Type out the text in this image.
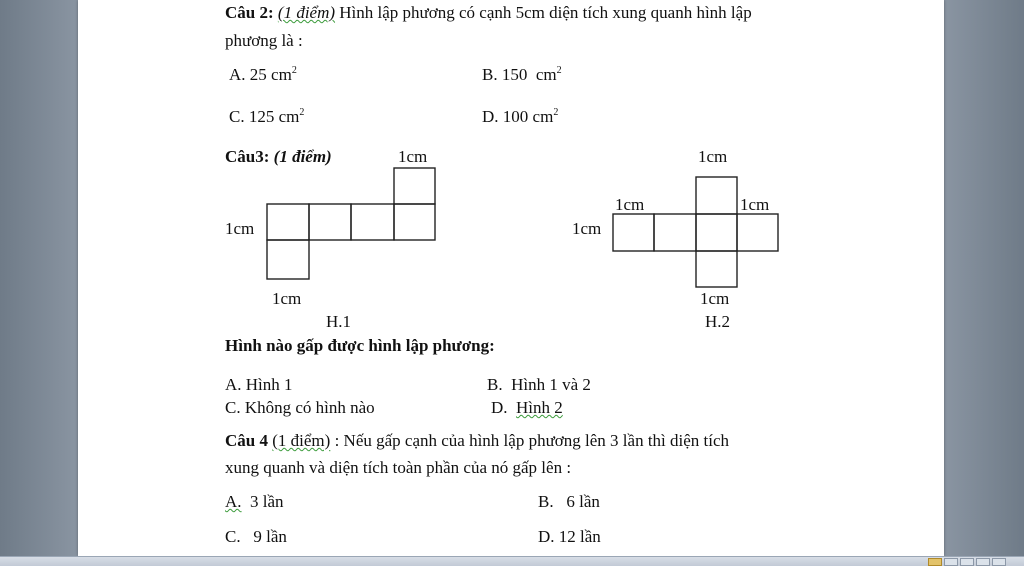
Câu 2: (1 điểm) Hình lập phương có cạnh 5cm diện tích xung quanh hình lập
phương là :
A. 25 $cm^2$	B. 150 $cm^2$
C. 125 $cm^2$	D. 100 $cm^2$
Câu3: (1 điểm)	1cm
1cm
1cm
H.1
1cm
1cm	1cm
1cm
1cm
H.2
Hình nào gấp được hình lập phương:
A. Hình 1	B. Hình 1 và 2
C. Không có hình nào	D. Hình 2
Câu 4 (1 điểm) : Nếu gấp cạnh của hình lập phương lên 3 lần thì diện tích
xung quanh và diện tích toàn phần của nó gấp lên :
A. 3 lần	B. 6 lần
C. 9 lần	D. 12 lần
